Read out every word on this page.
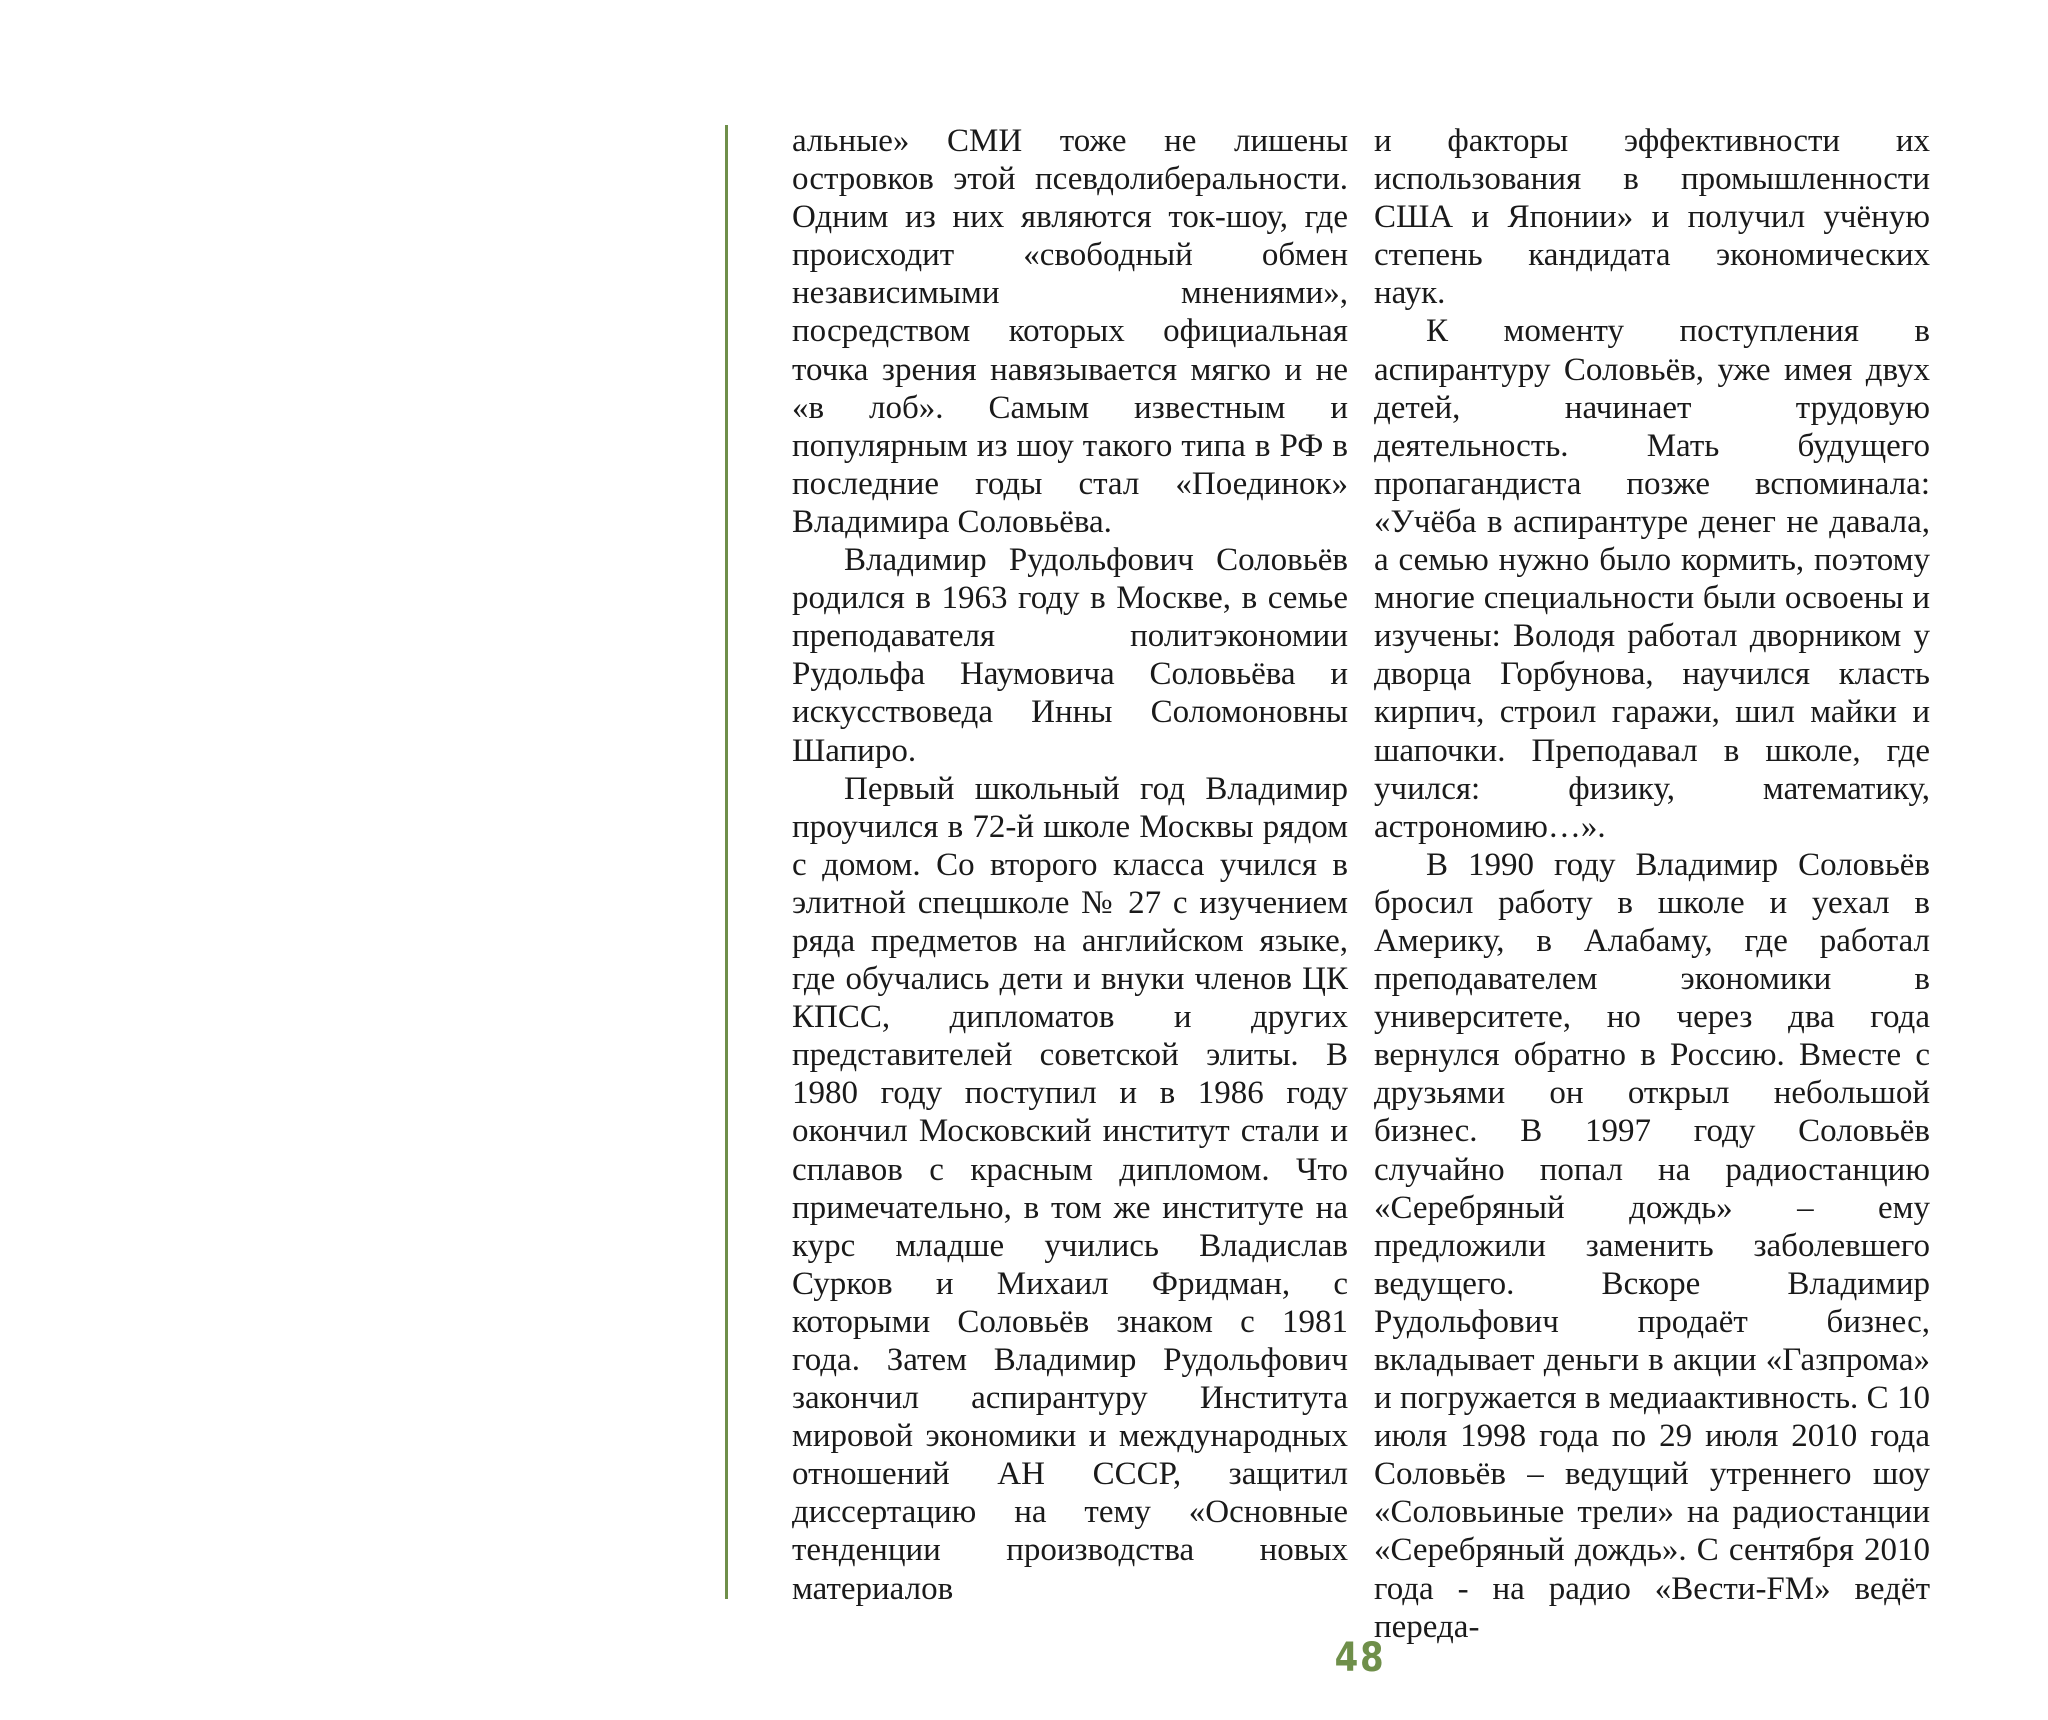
альные» СМИ тоже не лишены островков этой псевдолиберальности. Одним из них являются ток-шоу, где происходит «свободный обмен независимыми мнениями», посредством которых официальная точка зрения навязывается мягко и не «в лоб». Самым известным и популярным из шоу такого типа в РФ в последние годы стал «Поединок» Владимира Соловьёва.

Владимир Рудольфович Соловьёв родился в 1963 году в Москве, в семье преподавателя политэкономии Рудольфа Наумовича Соловьёва и искусствоведа Инны Соломоновны Шапиро.

Первый школьный год Владимир проучился в 72-й школе Москвы рядом с домом. Со второго класса учился в элитной спецшколе № 27 с изучением ряда предметов на английском языке, где обучались дети и внуки членов ЦК КПСС, дипломатов и других представителей советской элиты. В 1980 году поступил и в 1986 году окончил Московский институт стали и сплавов с красным дипломом. Что примечательно, в том же институте на курс младше учились Владислав Сурков и Михаил Фридман, с которыми Соловьёв знаком с 1981 года. Затем Владимир Рудольфович закончил аспирантуру Института мировой экономики и международных отношений АН СССР, защитил диссертацию на тему «Основные тенденции производства новых материалов

и факторы эффективности их использования в промышленности США и Японии» и получил учёную степень кандидата экономических наук.

К моменту поступления в аспирантуру Соловьёв, уже имея двух детей, начинает трудовую деятельность. Мать будущего пропагандиста позже вспоминала: «Учёба в аспирантуре денег не давала, а семью нужно было кормить, поэтому многие специальности были освоены и изучены: Володя работал дворником у дворца Горбунова, научился класть кирпич, строил гаражи, шил майки и шапочки. Преподавал в школе, где учился: физику, математику, астрономию…».

В 1990 году Владимир Соловьёв бросил работу в школе и уехал в Америку, в Алабаму, где работал преподавателем экономики в университете, но через два года вернулся обратно в Россию. Вместе с друзьями он открыл небольшой бизнес. В 1997 году Соловьёв случайно попал на радиостанцию «Серебряный дождь» – ему предложили заменить заболевшего ведущего. Вскоре Владимир Рудольфович продаёт бизнес, вкладывает деньги в акции «Газпрома» и погружается в медиаактивность. С 10 июля 1998 года по 29 июля 2010 года Соловьёв – ведущий утреннего шоу «Соловьиные трели» на радиостанции «Серебряный дождь». С сентября 2010 года - на радио «Вести-FM» ведёт переда-

48
